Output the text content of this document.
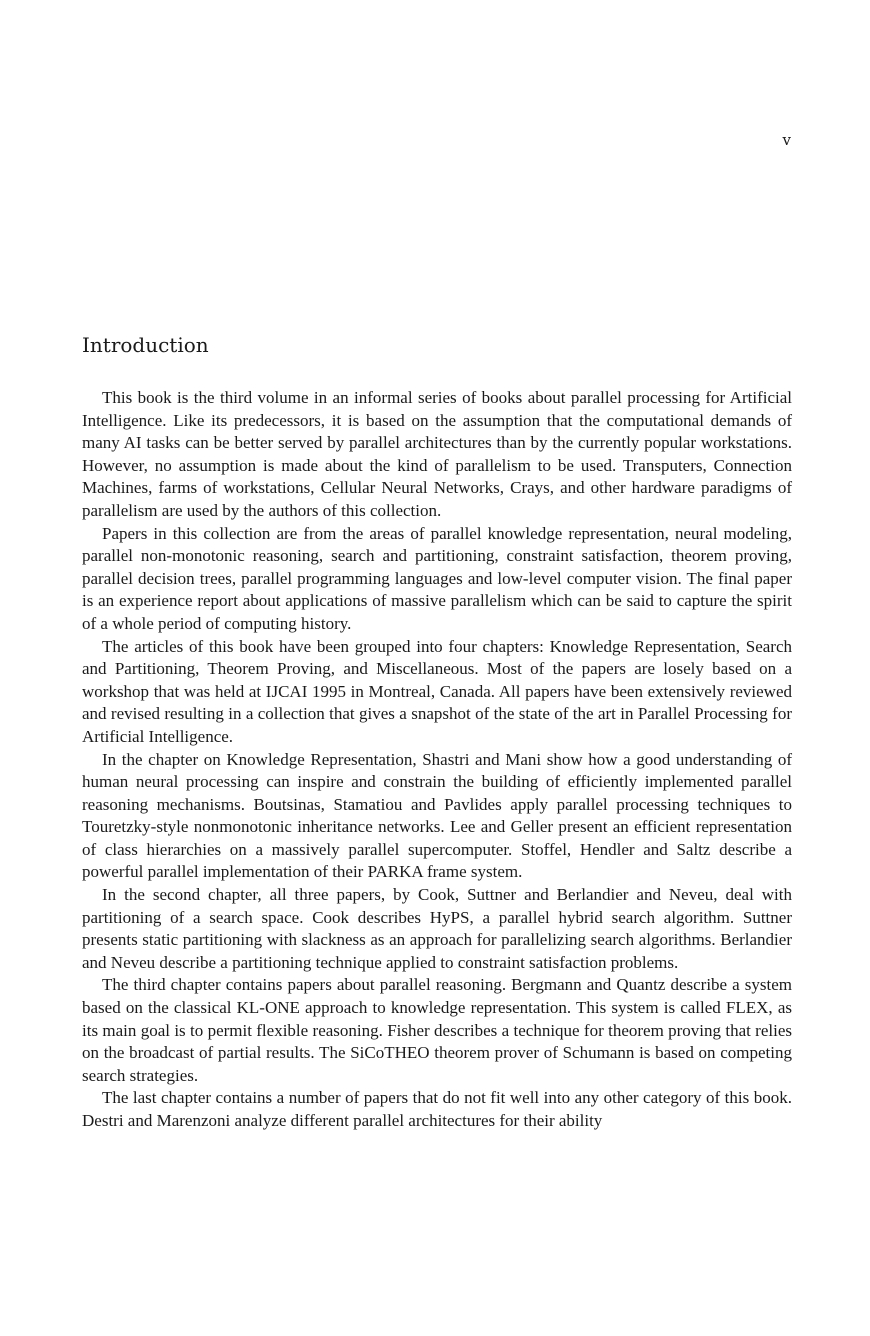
v
Introduction

This book is the third volume in an informal series of books about parallel processing for Artificial Intelligence. Like its predecessors, it is based on the assumption that the computational demands of many AI tasks can be better served by parallel architectures than by the currently popular workstations. However, no assumption is made about the kind of parallelism to be used. Transputers, Connection Machines, farms of workstations, Cellular Neural Networks, Crays, and other hardware paradigms of parallelism are used by the authors of this collection.

Papers in this collection are from the areas of parallel knowledge representation, neural modeling, parallel non-monotonic reasoning, search and partitioning, constraint satisfaction, theorem proving, parallel decision trees, parallel programming languages and low-level computer vision. The final paper is an experience report about applications of massive parallelism which can be said to capture the spirit of a whole period of computing history.

The articles of this book have been grouped into four chapters: Knowledge Representation, Search and Partitioning, Theorem Proving, and Miscellaneous. Most of the papers are losely based on a workshop that was held at IJCAI 1995 in Montreal, Canada. All papers have been extensively reviewed and revised resulting in a collection that gives a snapshot of the state of the art in Parallel Processing for Artificial Intelligence.

In the chapter on Knowledge Representation, Shastri and Mani show how a good understanding of human neural processing can inspire and constrain the building of efficiently implemented parallel reasoning mechanisms. Boutsinas, Stamatiou and Pavlides apply parallel processing techniques to Touretzky-style nonmonotonic inheritance networks. Lee and Geller present an efficient representation of class hierarchies on a massively parallel supercomputer. Stoffel, Hendler and Saltz describe a powerful parallel implementation of their PARKA frame system.

In the second chapter, all three papers, by Cook, Suttner and Berlandier and Neveu, deal with partitioning of a search space. Cook describes HyPS, a parallel hybrid search algorithm. Suttner presents static partitioning with slackness as an approach for parallelizing search algorithms. Berlandier and Neveu describe a partitioning technique applied to constraint satisfaction problems.

The third chapter contains papers about parallel reasoning. Bergmann and Quantz describe a system based on the classical KL-ONE approach to knowledge representation. This system is called FLEX, as its main goal is to permit flexible reasoning. Fisher describes a technique for theorem proving that relies on the broadcast of partial results. The SiCoTHEO theorem prover of Schumann is based on competing search strategies.

The last chapter contains a number of papers that do not fit well into any other category of this book. Destri and Marenzoni analyze different parallel architectures for their ability
